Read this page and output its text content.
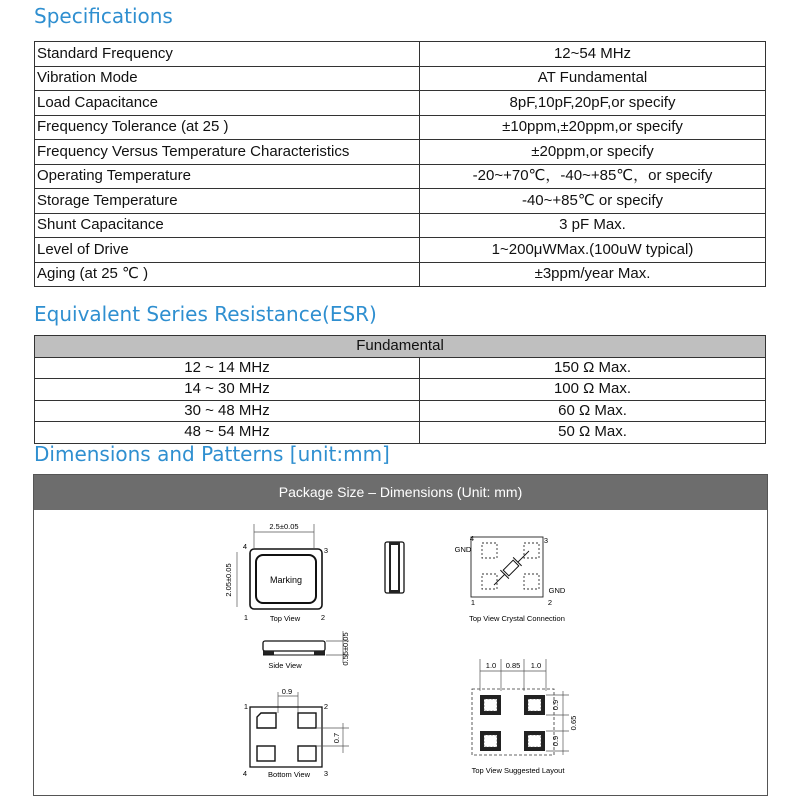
Specifications
Standard Frequency	12~54 MHz
Vibration Mode	AT Fundamental
Load Capacitance	8pF,10pF,20pF,or specify
Frequency Tolerance (at 25 )	±10ppm,±20ppm,or specify
Frequency Versus Temperature Characteristics	±20ppm,or specify
Operating Temperature	-20~+70℃，-40~+85℃，or specify
Storage Temperature	-40~+85℃ or specify
Shunt Capacitance	3 pF Max.
Level of Drive	1~200μWMax.(100uW typical)
Aging (at 25 ℃ )	±3ppm/year Max.
Equivalent Series Resistance(ESR)
Fundamental	
12 ~ 14 MHz	150 Ω Max.
14 ~ 30 MHz	100 Ω Max.
30 ~ 48 MHz	60 Ω Max.
48 ~ 54 MHz	50 Ω Max.
Dimensions and Patterns [unit:mm]
Package Size – Dimensions (Unit: mm)
2.5±0.05
2.05±0.05	Marking
4	3
1	2
Top View
0.55±0.05
Side View
4	3
1	2
GND
GND
Top View Crystal Connection
0.9
0.7
1	2
4	3
Bottom View
1.0 0.85 1.0
0.9
0.9
0.65
Top View Suggested Layout
